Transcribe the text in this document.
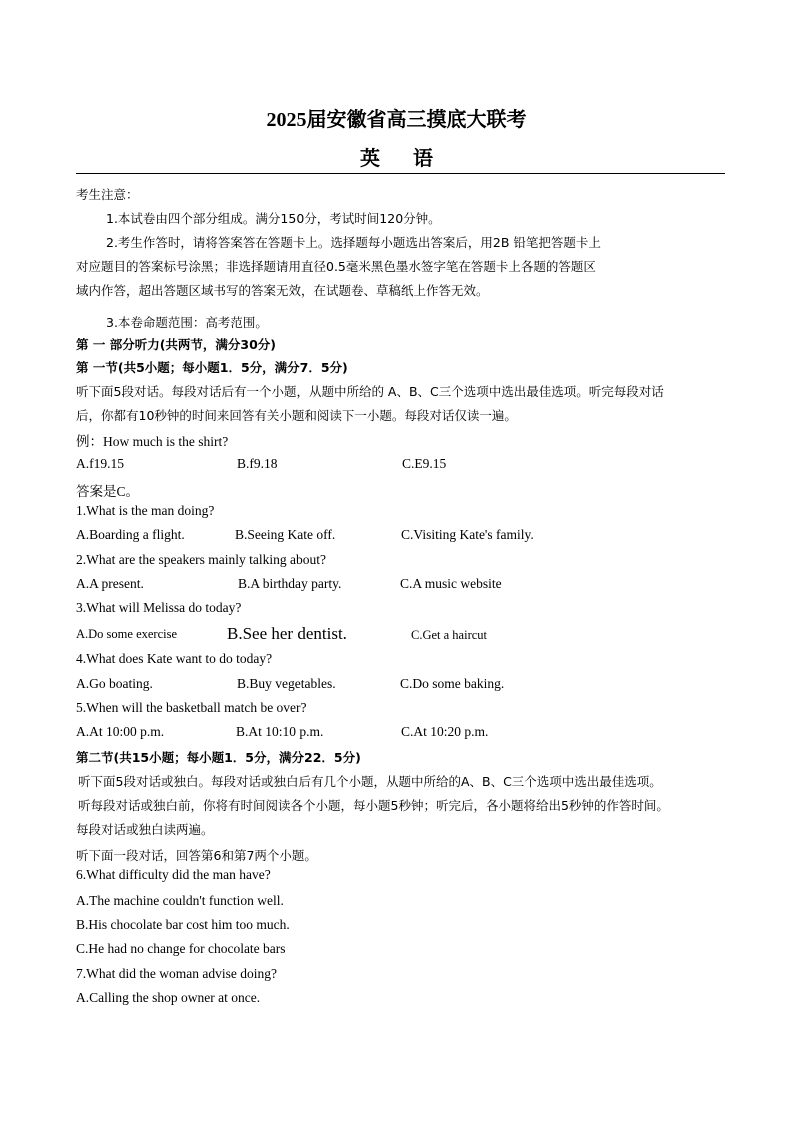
2025届安徽省高三摸底大联考
英 语
考生注意：
1.本试卷由四个部分组成。满分150分，考试时间120分钟。
2.考生作答时，请将答案答在答题卡上。选择题每小题选出答案后，用2B 铅笔把答题卡上
对应题目的答案标号涂黑；非选择题请用直径0.5毫米黑色墨水签字笔在答题卡上各题的答题区
域内作答，超出答题区域书写的答案无效，在试题卷、草稿纸上作答无效。
3.本卷命题范围：高考范围。
第 一 部分听力(共两节，满分30分)
第 一节(共5小题；每小题1．5分，满分7．5分)
听下面5段对话。每段对话后有一个小题，从题中所给的 A、B、C三个选项中选出最佳选项。听完每段对话
后，你都有10秒钟的时间来回答有关小题和阅读下一小题。每段对话仅读一遍。
例：How much is the shirt?
A.f19.15	B.f9.18	C.E9.15
答案是C。
1.What is the man doing?
A.Boarding a flight.	B.Seeing Kate off.	C.Visiting Kate's family.
2.What are the speakers mainly talking about?
A.A present.	B.A birthday party.	C.A music website
3.What will Melissa do today?
A.Do some exercise	B.See her dentist.	C.Get a haircut
4.What does Kate want to do today?
A.Go boating.	B.Buy vegetables.	C.Do some baking.
5.When will the basketball match be over?
A.At 10:00 p.m.	B.At 10:10 p.m.	C.At 10:20 p.m.
第二节(共15小题；每小题1．5分，满分22．5分)
听下面5段对话或独白。每段对话或独白后有几个小题，从题中所给的A、B、C三个选项中选出最佳选项。
听每段对话或独白前，你将有时间阅读各个小题，每小题5秒钟；听完后，各小题将给出5秒钟的作答时间。
每段对话或独白读两遍。
听下面一段对话，回答第6和第7两个小题。
6.What difficulty did the man have?
A.The machine couldn't function well.
B.His chocolate bar cost him too much.
C.He had no change for chocolate bars
7.What did the woman advise doing?
A.Calling the shop owner at once.
